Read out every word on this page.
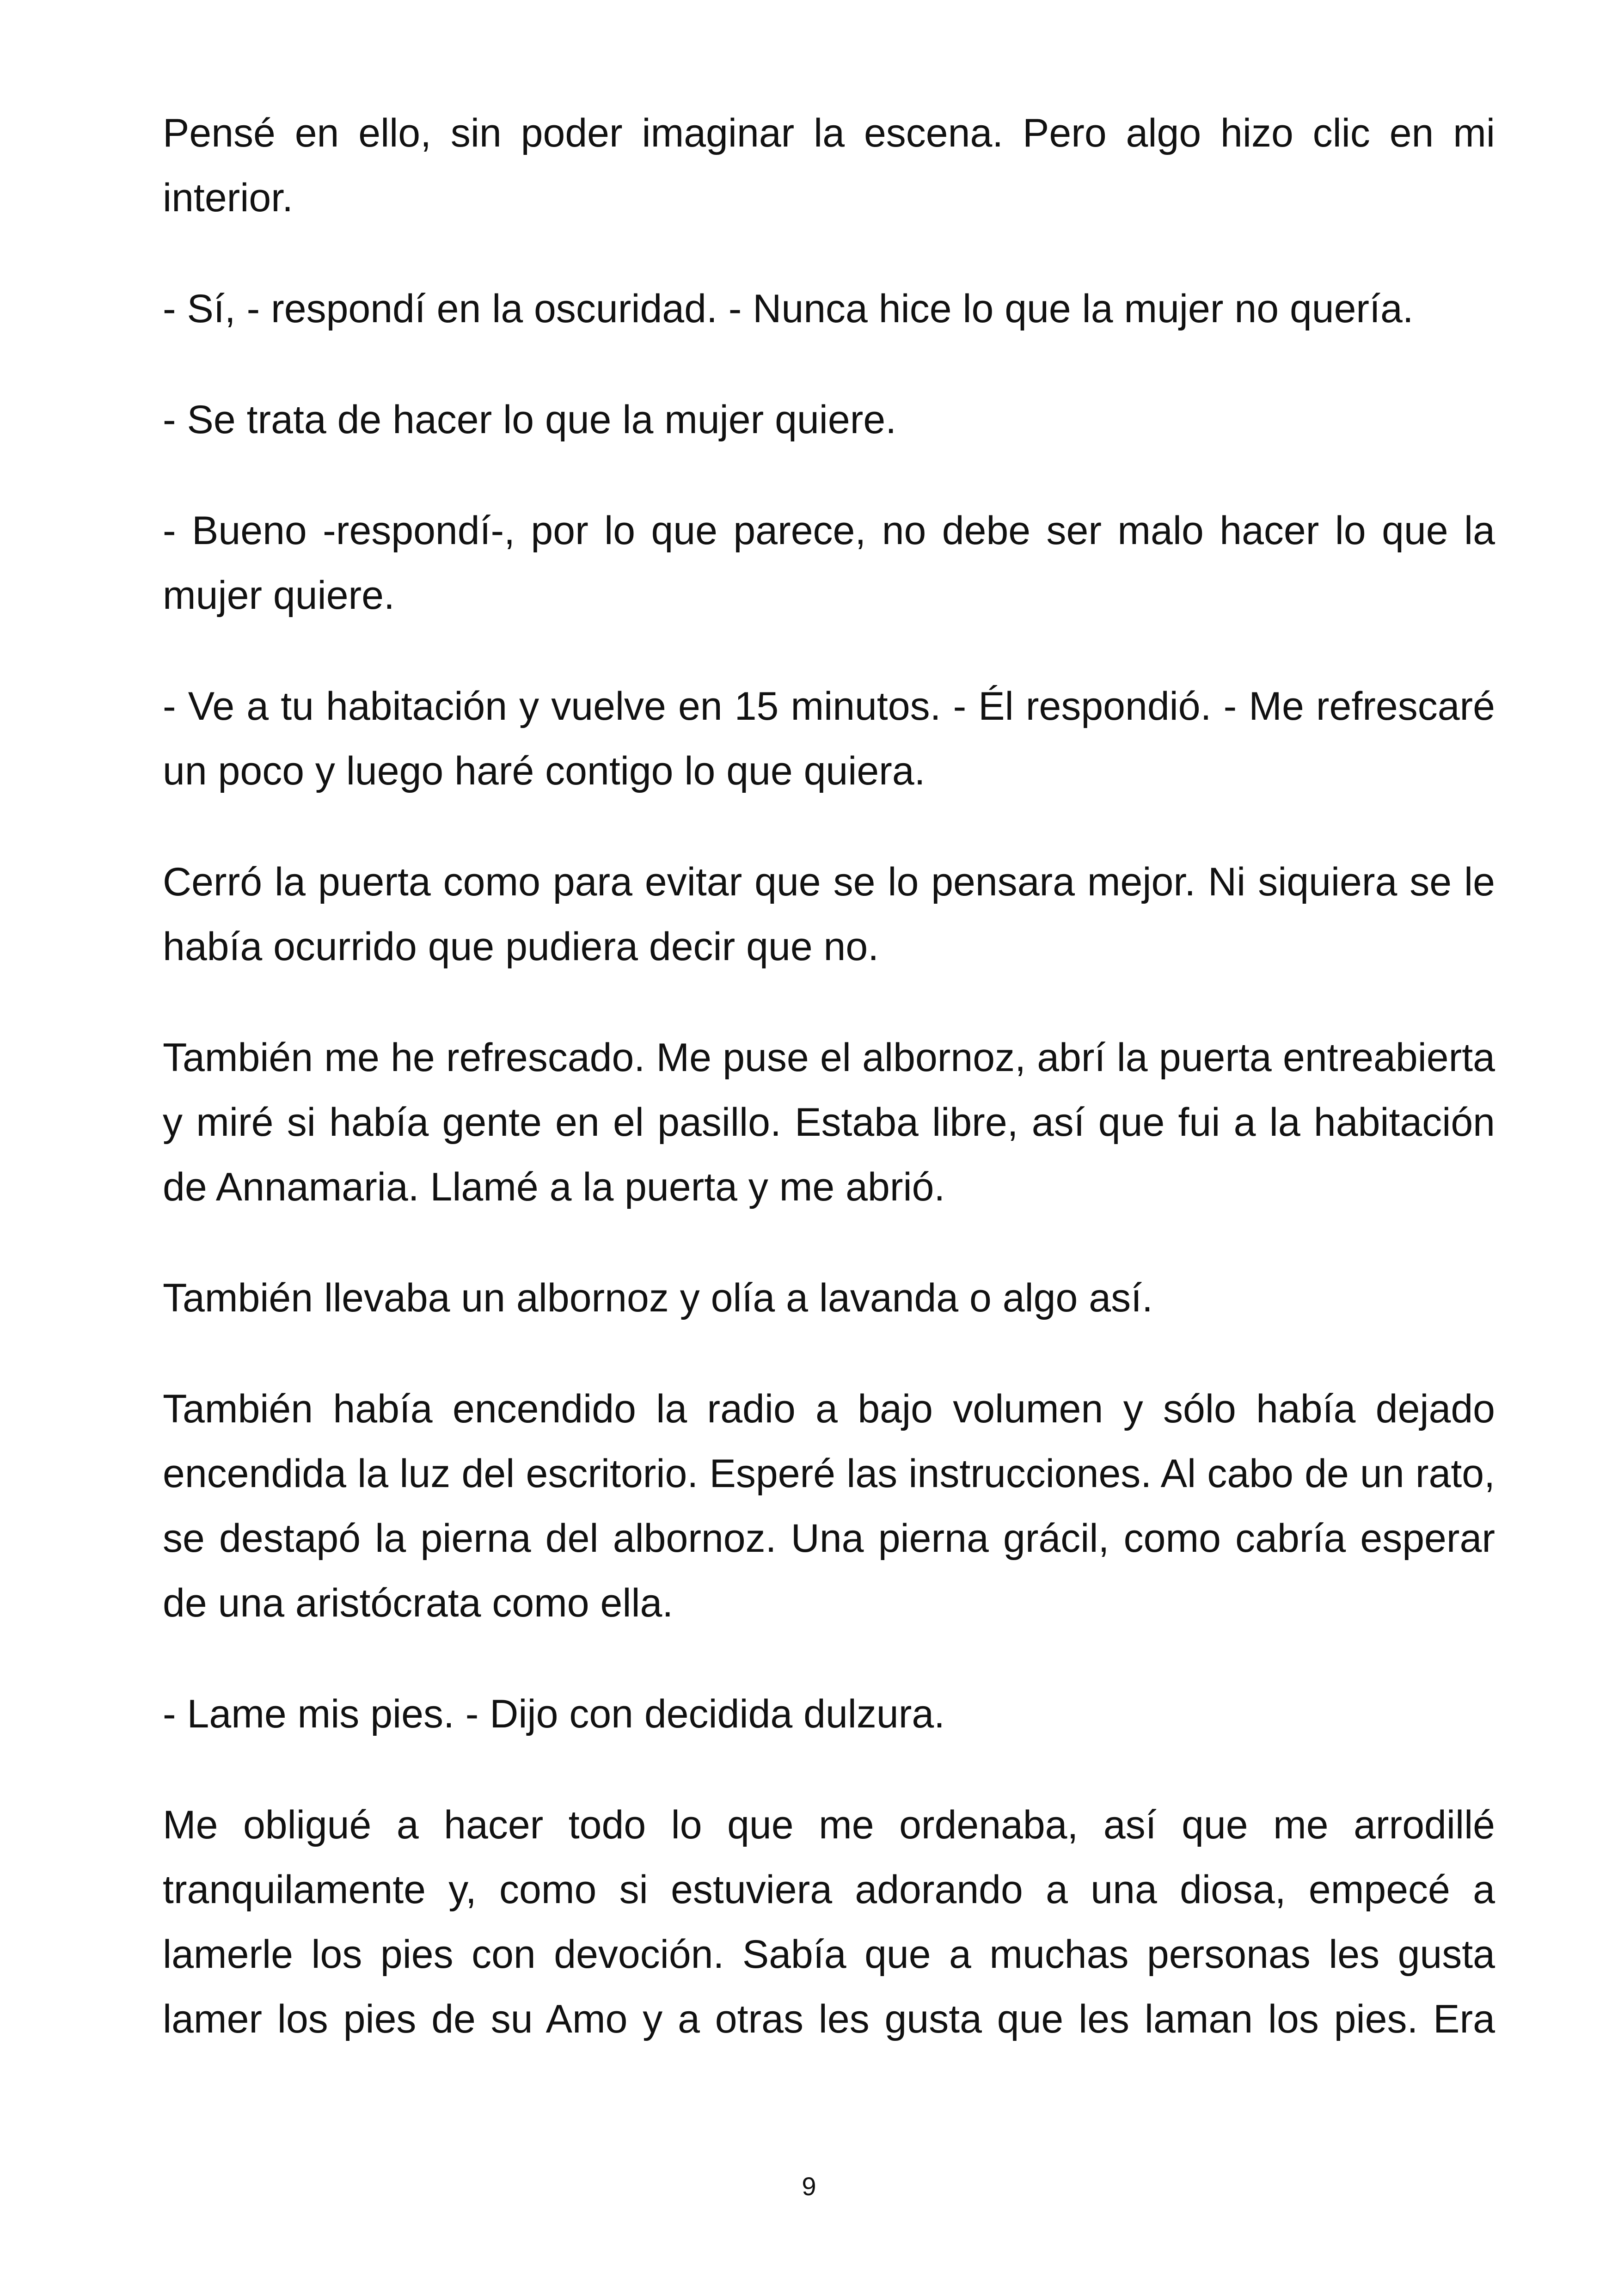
Pensé en ello, sin poder imaginar la escena. Pero algo hizo clic en mi interior.

- Sí, - respondí en la oscuridad. - Nunca hice lo que la mujer no quería.

- Se trata de hacer lo que la mujer quiere.

- Bueno -respondí-, por lo que parece, no debe ser malo hacer lo que la mujer quiere.

- Ve a tu habitación y vuelve en 15 minutos. - Él respondió. - Me refrescaré un poco y luego haré contigo lo que quiera.

Cerró la puerta como para evitar que se lo pensara mejor. Ni siquiera se le había ocurrido que pudiera decir que no.

También me he refrescado. Me puse el albornoz, abrí la puerta entreabierta y miré si había gente en el pasillo. Estaba libre, así que fui a la habitación de Annamaria. Llamé a la puerta y me abrió.

También llevaba un albornoz y olía a lavanda o algo así.

También había encendido la radio a bajo volumen y sólo había dejado encendida la luz del escritorio. Esperé las instrucciones. Al cabo de un rato, se destapó la pierna del albornoz. Una pierna grácil, como cabría esperar de una aristócrata como ella.

- Lame mis pies. - Dijo con decidida dulzura.

Me obligué a hacer todo lo que me ordenaba, así que me arrodillé tranquilamente y, como si estuviera adorando a una diosa, empecé a lamerle los pies con devoción. Sabía que a muchas personas les gusta lamer los pies de su Amo y a otras les gusta que les laman los pies. Era

9
